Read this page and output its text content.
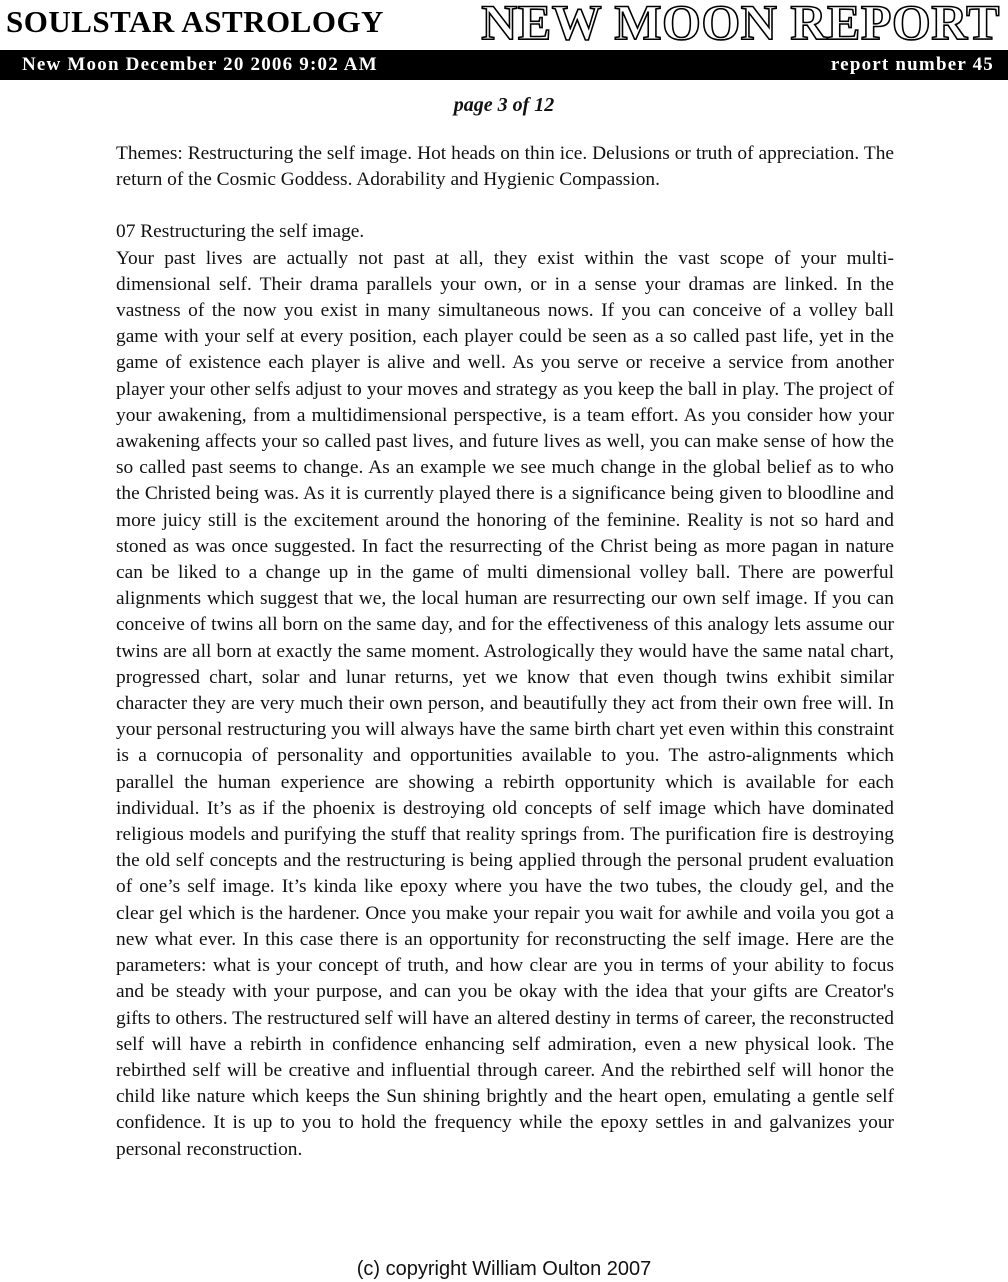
SOULSTAR ASTROLOGY NEW MOON REPORT
New Moon December 20 2006 9:02 AM	report number 45
page 3 of 12

Themes: Restructuring the self image. Hot heads on thin ice. Delusions or truth of appreciation. The return of the Cosmic Goddess. Adorability and Hygienic Compassion.

07 Restructuring the self image.

Your past lives are actually not past at all, they exist within the vast scope of your multi-dimensional self. Their drama parallels your own, or in a sense your dramas are linked. In the vastness of the now you exist in many simultaneous nows. If you can conceive of a volley ball game with your self at every position, each player could be seen as a so called past life, yet in the game of existence each player is alive and well. As you serve or receive a service from another player your other selfs adjust to your moves and strategy as you keep the ball in play. The project of your awakening, from a multidimensional perspective, is a team effort. As you consider how your awakening affects your so called past lives, and future lives as well, you can make sense of how the so called past seems to change. As an example we see much change in the global belief as to who the Christed being was. As it is currently played there is a significance being given to bloodline and more juicy still is the excitement around the honoring of the feminine. Reality is not so hard and stoned as was once suggested. In fact the resurrecting of the Christ being as more pagan in nature can be liked to a change up in the game of multi dimensional volley ball. There are powerful alignments which suggest that we, the local human are resurrecting our own self image. If you can conceive of twins all born on the same day, and for the effectiveness of this analogy lets assume our twins are all born at exactly the same moment. Astrologically they would have the same natal chart, progressed chart, solar and lunar returns, yet we know that even though twins exhibit similar character they are very much their own person, and beautifully they act from their own free will. In your personal restructuring you will always have the same birth chart yet even within this constraint is a cornucopia of personality and opportunities available to you. The astro-alignments which parallel the human experience are showing a rebirth opportunity which is available for each individual. It’s as if the phoenix is destroying old concepts of self image which have dominated religious models and purifying the stuff that reality springs from. The purification fire is destroying the old self concepts and the restructuring is being applied through the personal prudent evaluation of one’s self image. It’s kinda like epoxy where you have the two tubes, the cloudy gel, and the clear gel which is the hardener. Once you make your repair you wait for awhile and voila you got a new what ever. In this case there is an opportunity for reconstructing the self image. Here are the parameters: what is your concept of truth, and how clear are you in terms of your ability to focus and be steady with your purpose, and can you be okay with the idea that your gifts are Creator's gifts to others. The restructured self will have an altered destiny in terms of career, the reconstructed self will have a rebirth in confidence enhancing self admiration, even a new physical look. The rebirthed self will be creative and influential through career. And the rebirthed self will honor the child like nature which keeps the Sun shining brightly and the heart open, emulating a gentle self confidence. It is up to you to hold the frequency while the epoxy settles in and galvanizes your personal reconstruction.

(c) copyright William Oulton 2007
